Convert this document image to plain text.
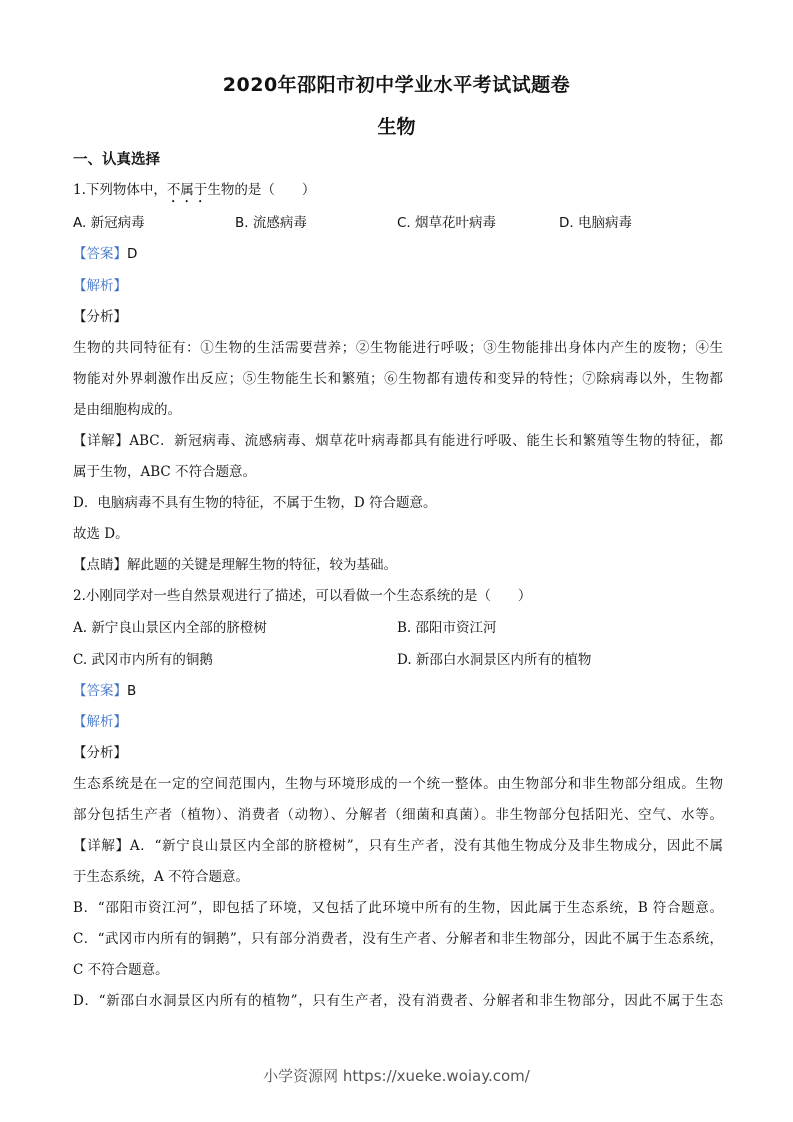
2020年邵阳市初中学业水平考试试题卷
生物
一、认真选择
1.下列物体中，不属于生物的是（　　）
A. 新冠病毒	B. 流感病毒	C. 烟草花叶病毒	D. 电脑病毒
【答案】D
【解析】
【分析】
生物的共同特征有：①生物的生活需要营养；②生物能进行呼吸；③生物能排出身体内产生的废物；④生
物能对外界刺激作出反应；⑤生物能生长和繁殖；⑥生物都有遗传和变异的特性；⑦除病毒以外，生物都
是由细胞构成的。
【详解】ABC．新冠病毒、流感病毒、烟草花叶病毒都具有能进行呼吸、能生长和繁殖等生物的特征，都
属于生物，ABC 不符合题意。
D．电脑病毒不具有生物的特征，不属于生物，D 符合题意。
故选 D。
【点睛】解此题的关键是理解生物的特征，较为基础。
2.小刚同学对一些自然景观进行了描述，可以看做一个生态系统的是（　　）
A. 新宁良山景区内全部的脐橙树	B. 邵阳市资江河
C. 武冈市内所有的铜鹅	D. 新邵白水洞景区内所有的植物
【答案】B
【解析】
【分析】
生态系统是在一定的空间范围内，生物与环境形成的一个统一整体。由生物部分和非生物部分组成。生物
部分包括生产者（植物）、消费者（动物）、分解者（细菌和真菌）。非生物部分包括阳光、空气、水等。
【详解】A．“新宁良山景区内全部的脐橙树”，只有生产者，没有其他生物成分及非生物成分，因此不属
于生态系统，A 不符合题意。
B．“邵阳市资江河”，即包括了环境，又包括了此环境中所有的生物，因此属于生态系统，B 符合题意。
C．“武冈市内所有的铜鹅”，只有部分消费者，没有生产者、分解者和非生物部分，因此不属于生态系统，
C 不符合题意。
D．“新邵白水洞景区内所有的植物”，只有生产者，没有消费者、分解者和非生物部分，因此不属于生态
小学资源网 https://xueke.woiay.com/
